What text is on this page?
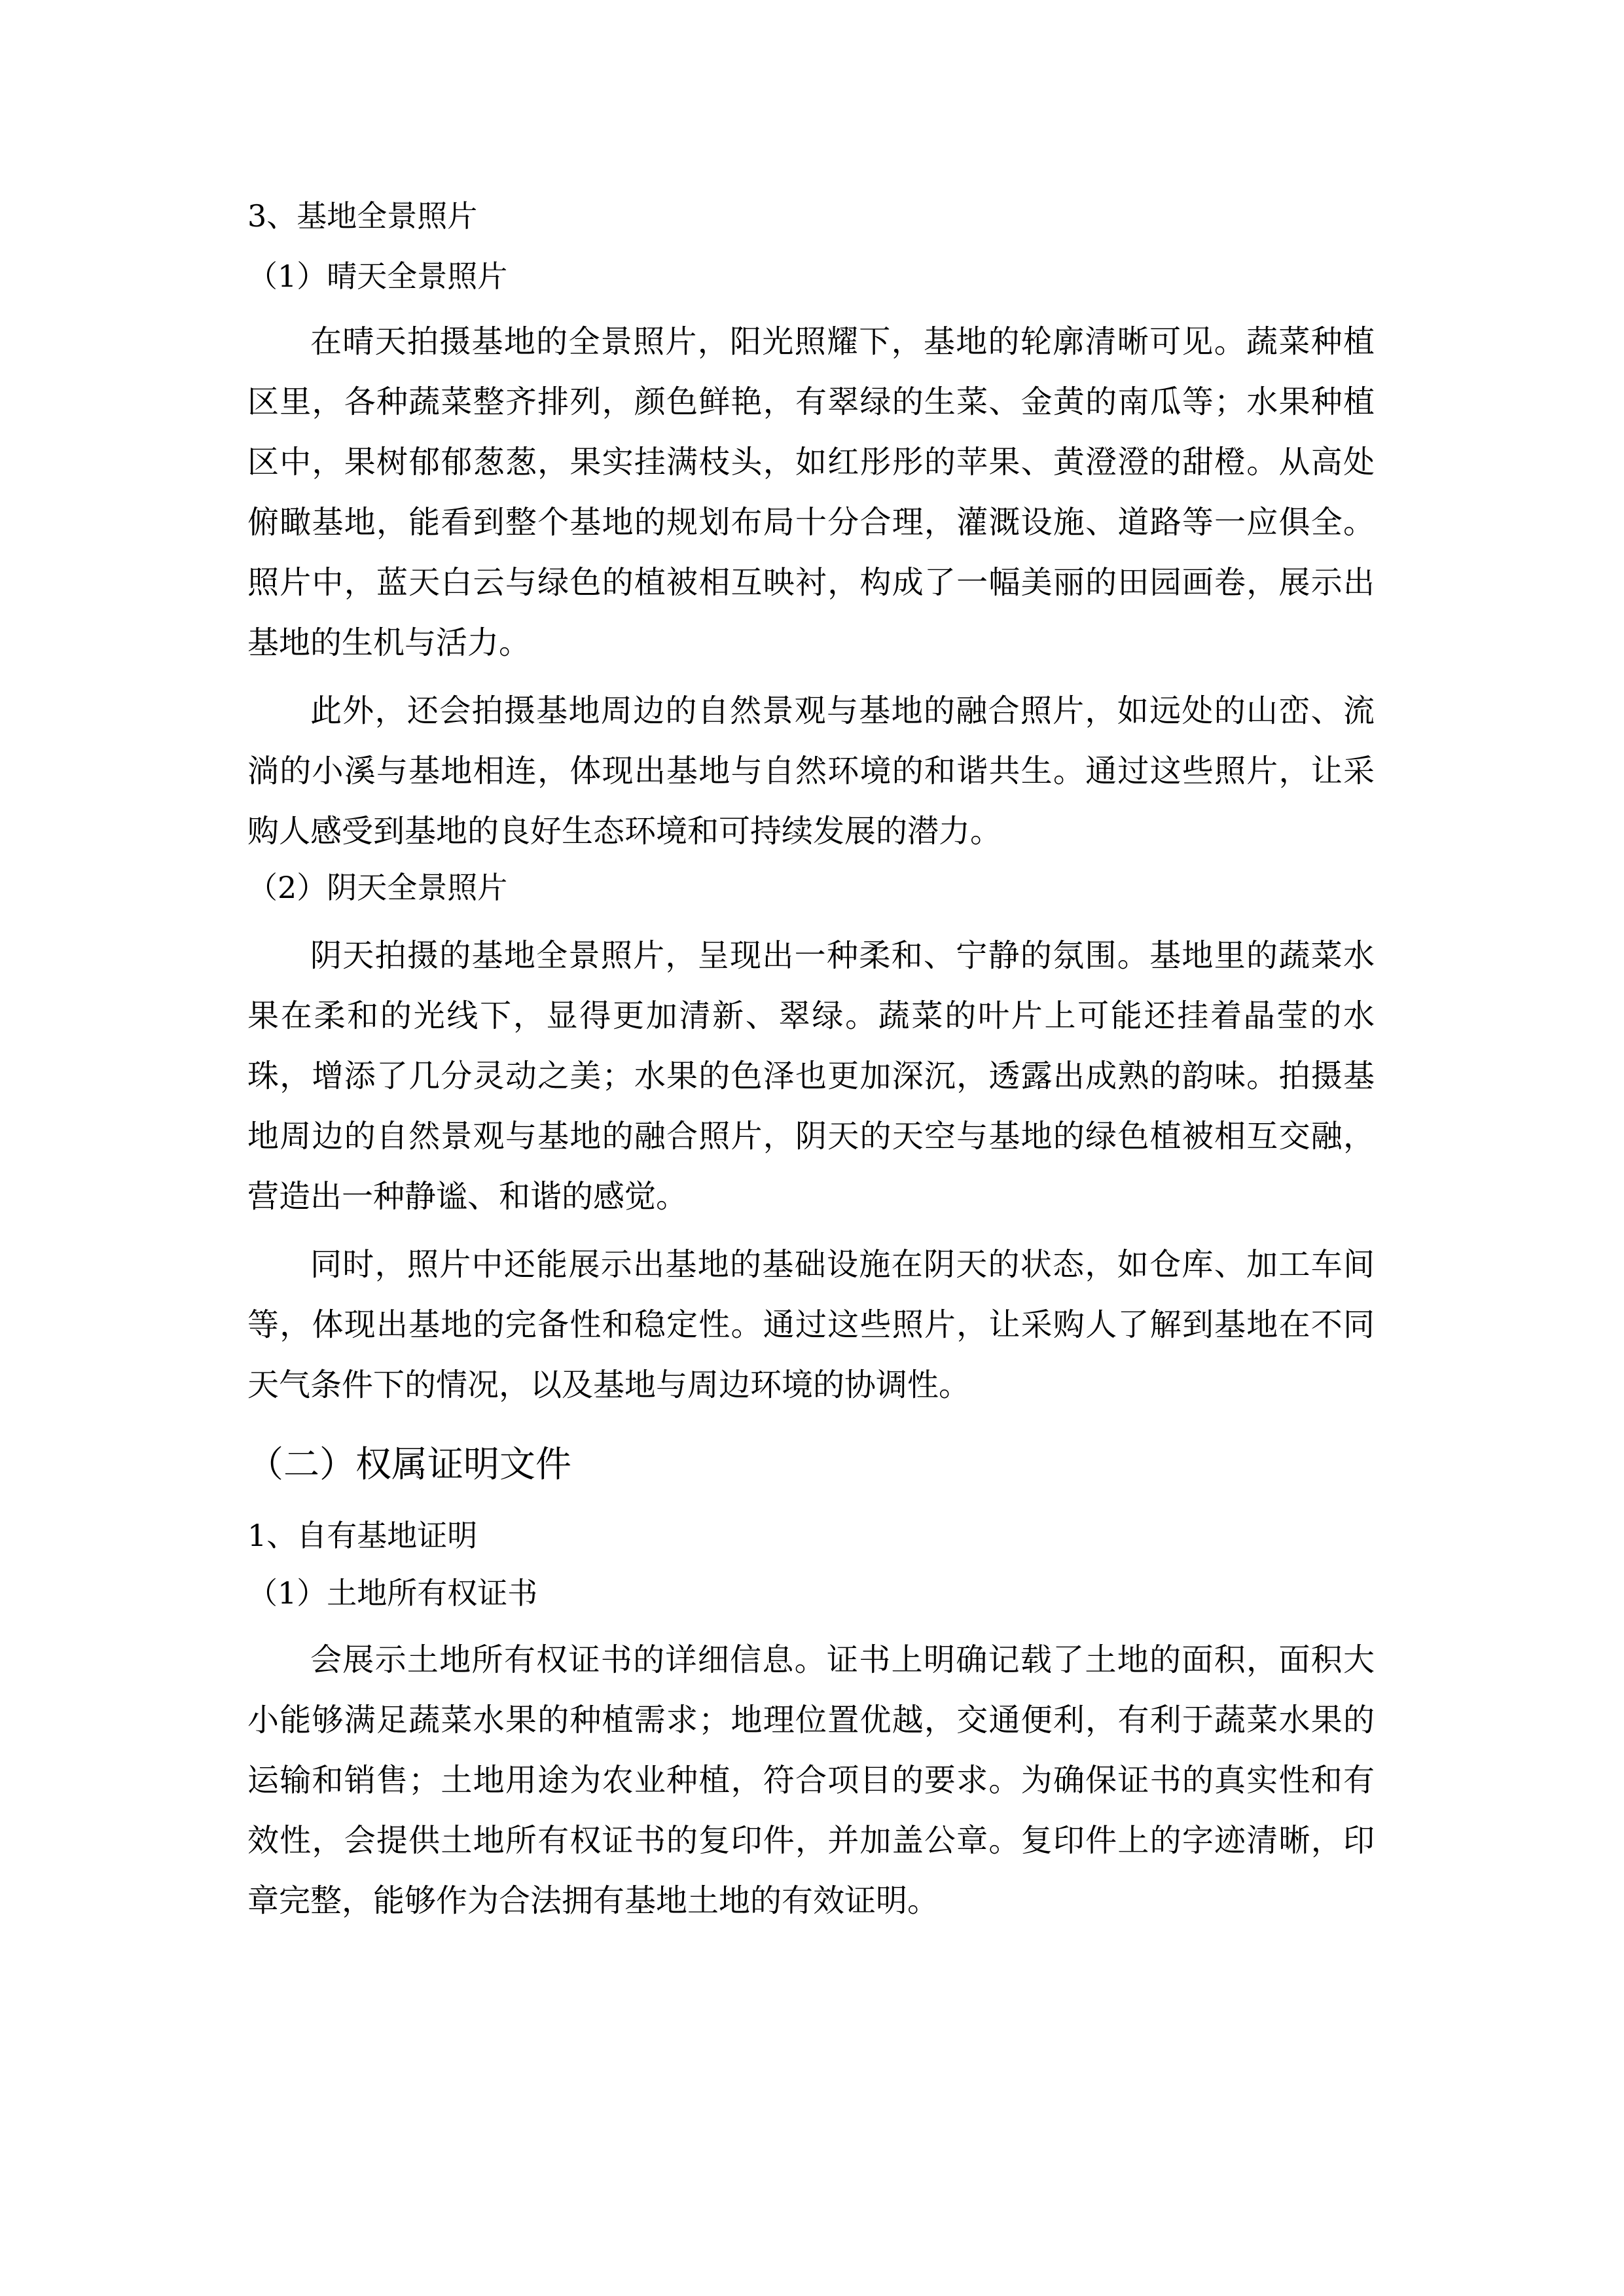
3、基地全景照片
（1）晴天全景照片

在晴天拍摄基地的全景照片，阳光照耀下，基地的轮廓清晰可见。蔬菜种植区里，各种蔬菜整齐排列，颜色鲜艳，有翠绿的生菜、金黄的南瓜等；水果种植区中，果树郁郁葱葱，果实挂满枝头，如红彤彤的苹果、黄澄澄的甜橙。从高处俯瞰基地，能看到整个基地的规划布局十分合理，灌溉设施、道路等一应俱全。照片中，蓝天白云与绿色的植被相互映衬，构成了一幅美丽的田园画卷，展示出基地的生机与活力。

此外，还会拍摄基地周边的自然景观与基地的融合照片，如远处的山峦、流淌的小溪与基地相连，体现出基地与自然环境的和谐共生。通过这些照片，让采购人感受到基地的良好生态环境和可持续发展的潜力。

（2）阴天全景照片

阴天拍摄的基地全景照片，呈现出一种柔和、宁静的氛围。基地里的蔬菜水果在柔和的光线下，显得更加清新、翠绿。蔬菜的叶片上可能还挂着晶莹的水珠，增添了几分灵动之美；水果的色泽也更加深沉，透露出成熟的韵味。拍摄基地周边的自然景观与基地的融合照片，阴天的天空与基地的绿色植被相互交融，营造出一种静谧、和谐的感觉。

同时，照片中还能展示出基地的基础设施在阴天的状态，如仓库、加工车间等，体现出基地的完备性和稳定性。通过这些照片，让采购人了解到基地在不同天气条件下的情况，以及基地与周边环境的协调性。

（二）权属证明文件
1、自有基地证明
（1）土地所有权证书

会展示土地所有权证书的详细信息。证书上明确记载了土地的面积，面积大小能够满足蔬菜水果的种植需求；地理位置优越，交通便利，有利于蔬菜水果的运输和销售；土地用途为农业种植，符合项目的要求。为确保证书的真实性和有效性，会提供土地所有权证书的复印件，并加盖公章。复印件上的字迹清晰，印章完整，能够作为合法拥有基地土地的有效证明。
